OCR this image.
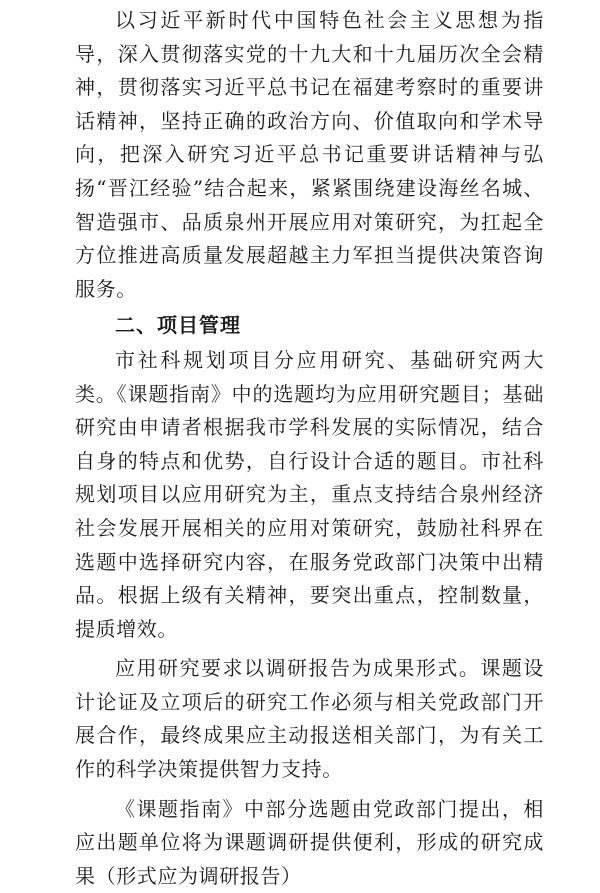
以习近平新时代中国特色社会主义思想为指导，深入贯彻落实党的十九大和十九届历次全会精神，贯彻落实习近平总书记在福建考察时的重要讲话精神，坚持正确的政治方向、价值取向和学术导向，把深入研究习近平总书记重要讲话精神与弘扬“晋江经验”结合起来，紧紧围绕建设海丝名城、智造强市、品质泉州开展应用对策研究，为扛起全方位推进高质量发展超越主力军担当提供决策咨询服务。

二、项目管理

市社科规划项目分应用研究、基础研究两大类。《课题指南》中的选题均为应用研究题目；基础研究由申请者根据我市学科发展的实际情况，结合自身的特点和优势，自行设计合适的题目。市社科规划项目以应用研究为主，重点支持结合泉州经济社会发展开展相关的应用对策研究，鼓励社科界在选题中选择研究内容，在服务党政部门决策中出精品。根据上级有关精神，要突出重点，控制数量，提质增效。

应用研究要求以调研报告为成果形式。课题设计论证及立项后的研究工作必须与相关党政部门开展合作，最终成果应主动报送相关部门，为有关工作的科学决策提供智力支持。

《课题指南》中部分选题由党政部门提出，相应出题单位将为课题调研提供便利，形成的研究成果（形式应为调研报告）
